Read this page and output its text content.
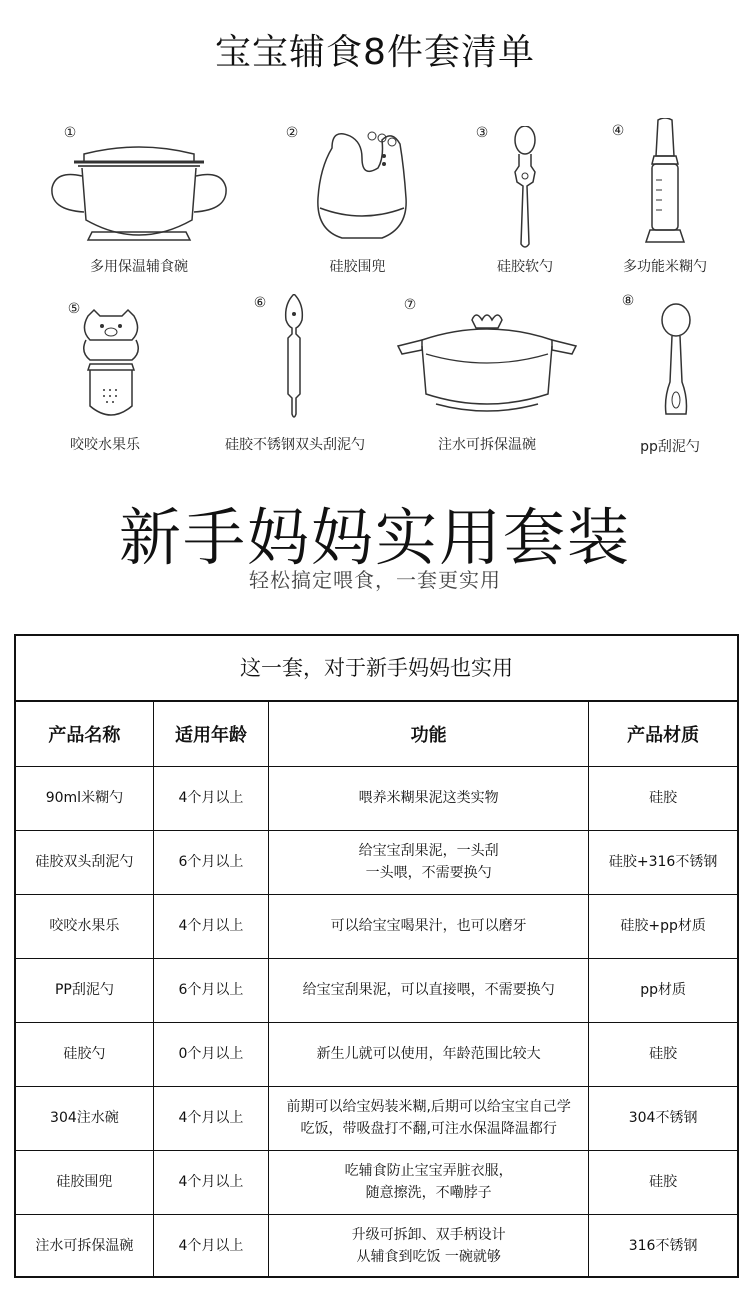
宝宝辅食8件套清单
①
多用保温辅食碗
②
硅胶围兜
③
硅胶软勺
④
多功能米糊勺
⑤
咬咬水果乐
⑥
硅胶不锈钢双头刮泥勺
⑦
注水可拆保温碗
⑧
pp刮泥勺
新手妈妈实用套装
轻松搞定喂食，一套更实用
这一套，对于新手妈妈也实用
产品名称	适用年龄	功能	产品材质
90ml米糊勺	4个月以上	喂养米糊果泥这类实物	硅胶
硅胶双头刮泥勺	6个月以上	给宝宝刮果泥，一头刮
一头喂，不需要换勺	硅胶+316不锈钢
咬咬水果乐	4个月以上	可以给宝宝喝果汁，也可以磨牙	硅胶+pp材质
PP刮泥勺	6个月以上	给宝宝刮果泥，可以直接喂，不需要换勺	pp材质
硅胶勺	0个月以上	新生儿就可以使用，年龄范围比较大	硅胶
304注水碗	4个月以上	前期可以给宝妈装米糊,后期可以给宝宝自己学
吃饭，带吸盘打不翻,可注水保温降温都行	304不锈钢
硅胶围兜	4个月以上	吃辅食防止宝宝弄脏衣服，
随意擦洗，不嘞脖子	硅胶
注水可拆保温碗	4个月以上	升级可拆卸、双手柄设计
从辅食到吃饭 一碗就够	316不锈钢
